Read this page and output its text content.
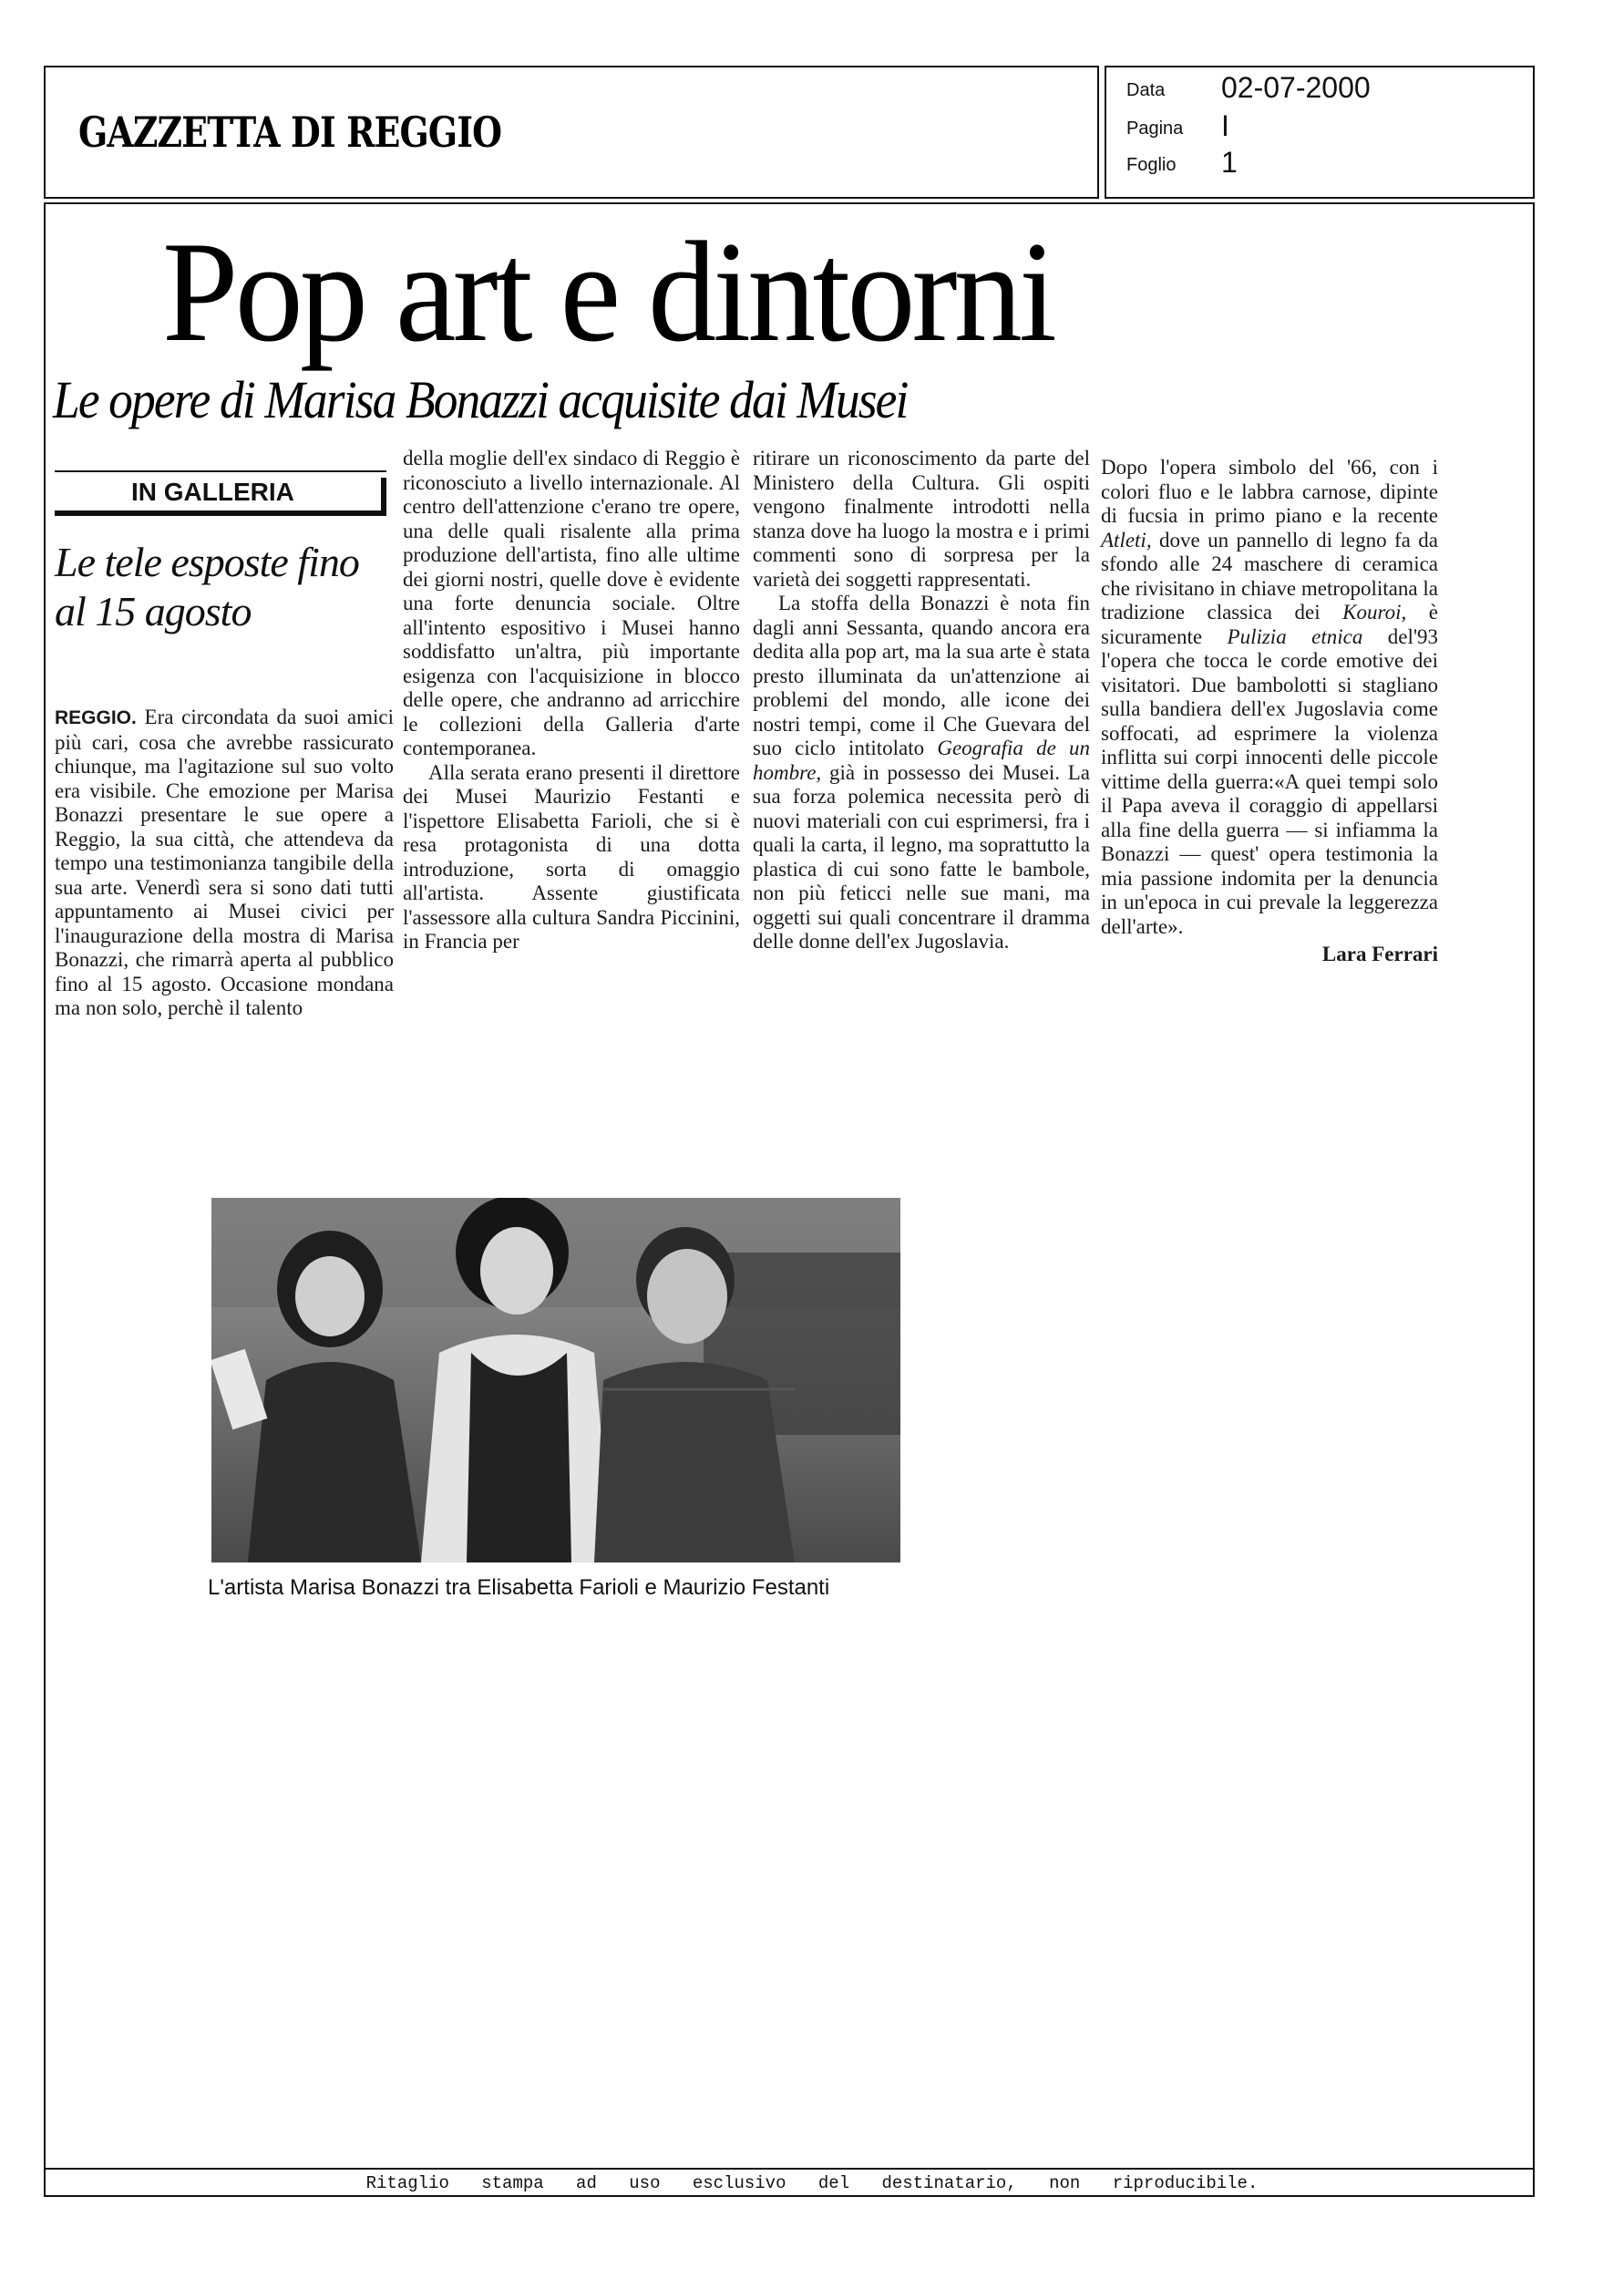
GAZZETTA DI REGGIO
Data 02-07-2000
Pagina I
Foglio 1
Pop art e dintorni
Le opere di Marisa Bonazzi acquisite dai Musei
IN GALLERIA
Le tele esposte fino al 15 agosto

REGGIO. Era circondata da suoi amici più cari, cosa che avrebbe rassicurato chiunque, ma l'agitazione sul suo volto era visibile. Che emozione per Marisa Bonazzi presentare le sue opere a Reggio, la sua città, che attendeva da tempo una testimonianza tangibile della sua arte. Venerdì sera si sono dati tutti appuntamento ai Musei civici per l'inaugurazione della mostra di Marisa Bonazzi, che rimarrà aperta al pubblico fino al 15 agosto. Occasione mondana ma non solo, perchè il talento

della moglie dell'ex sindaco di Reggio è riconosciuto a livello internazionale. Al centro dell'attenzione c'erano tre opere, una delle quali risalente alla prima produzione dell'artista, fino alle ultime dei giorni nostri, quelle dove è evidente una forte denuncia sociale. Oltre all'intento espositivo i Musei hanno soddisfatto un'altra, più importante esigenza con l'acquisizione in blocco delle opere, che andranno ad arricchire le collezioni della Galleria d'arte contemporanea.

Alla serata erano presenti il direttore dei Musei Maurizio Festanti e l'ispettore Elisabetta Farioli, che si è resa protagonista di una dotta introduzione, sorta di omaggio all'artista. Assente giustificata l'assessore alla cultura Sandra Piccinini, in Francia per

ritirare un riconoscimento da parte del Ministero della Cultura. Gli ospiti vengono finalmente introdotti nella stanza dove ha luogo la mostra e i primi commenti sono di sorpresa per la varietà dei soggetti rappresentati.

La stoffa della Bonazzi è nota fin dagli anni Sessanta, quando ancora era dedita alla pop art, ma la sua arte è stata presto illuminata da un'attenzione ai problemi del mondo, alle icone dei nostri tempi, come il Che Guevara del suo ciclo intitolato Geografia de un hombre, già in possesso dei Musei. La sua forza polemica necessita però di nuovi materiali con cui esprimersi, fra i quali la carta, il legno, ma soprattutto la plastica di cui sono fatte le bambole, non più feticci nelle sue mani, ma oggetti sui quali concentrare il dramma delle donne dell'ex Jugoslavia.

Dopo l'opera simbolo del '66, con i colori fluo e le labbra carnose, dipinte di fucsia in primo piano e la recente Atleti, dove un pannello di legno fa da sfondo alle 24 maschere di ceramica che rivisitano in chiave metropolitana la tradizione classica dei Kouroi, è sicuramente Pulizia etnica del'93 l'opera che tocca le corde emotive dei visitatori. Due bambolotti si stagliano sulla bandiera dell'ex Jugoslavia come soffocati, ad esprimere la violenza inflitta sui corpi innocenti delle piccole vittime della guerra:«A quei tempi solo il Papa aveva il coraggio di appellarsi alla fine della guerra — si infiamma la Bonazzi — quest' opera testimonia la mia passione indomita per la denuncia in un'epoca in cui prevale la leggerezza dell'arte».

Lara Ferrari

L'artista Marisa Bonazzi tra Elisabetta Farioli e Maurizio Festanti
Ritaglio stampa ad uso esclusivo del destinatario, non riproducibile.
